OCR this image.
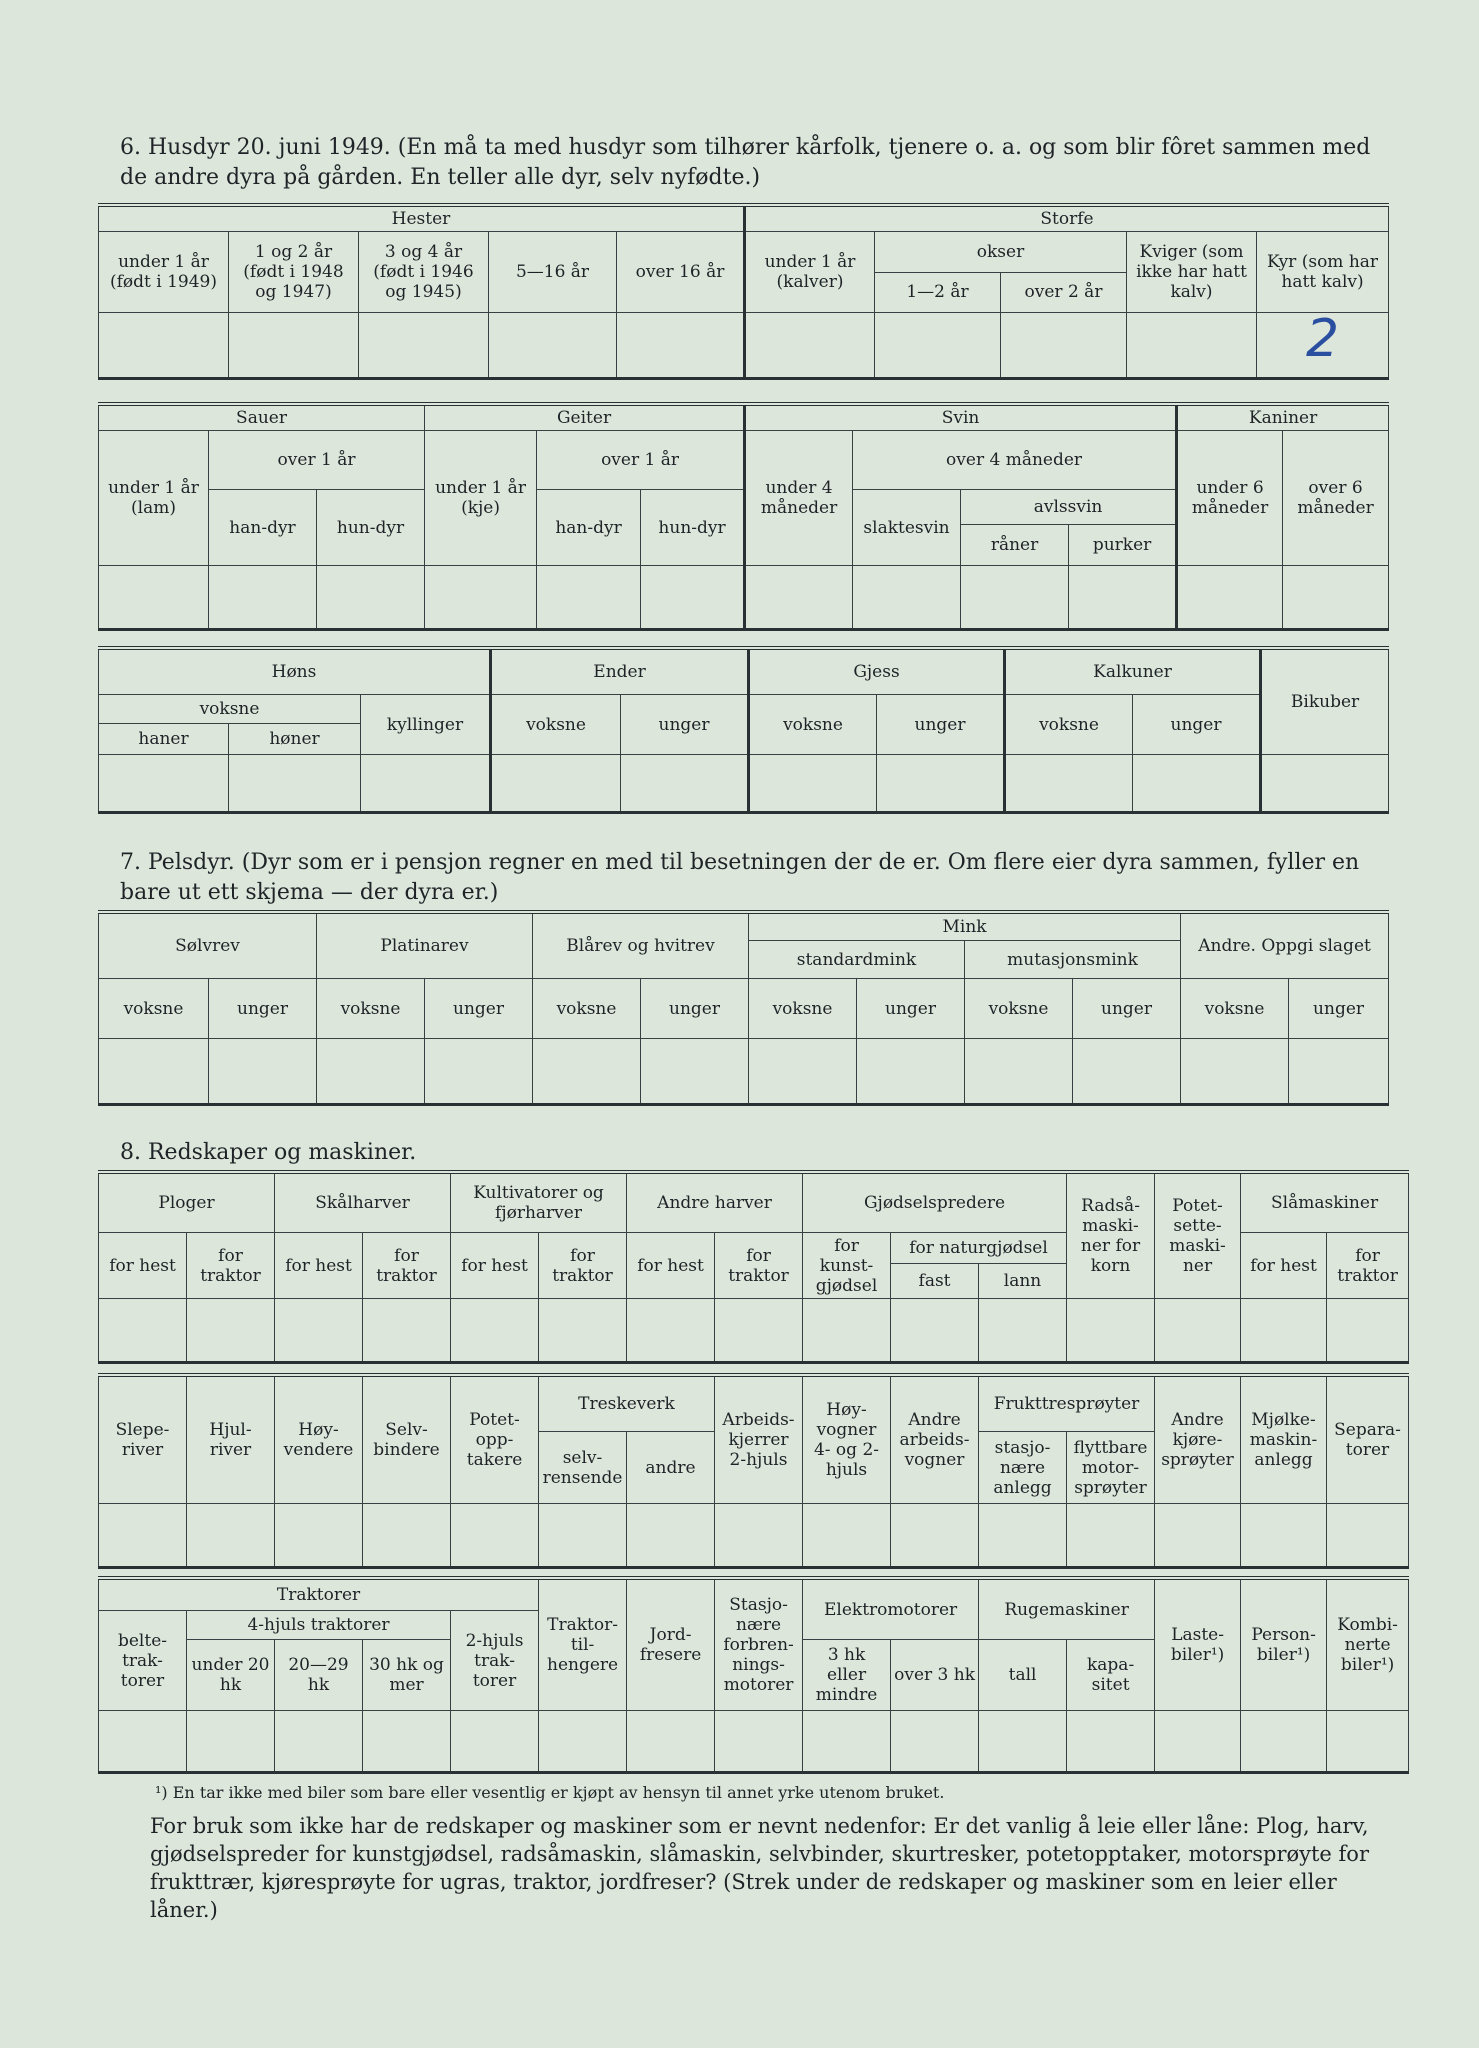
6. Husdyr 20. juni 1949. (En må ta med husdyr som tilhører kårfolk, tjenere o. a. og som blir fôret sammen med de andre dyra på gården. En teller alle dyr, selv nyfødte.)
Hester					Storfe				
under 1 år (født i 1949)	1 og 2 år (født i 1948 og 1947)	3 og 4 år (født i 1946 og 1945)	5—16 år	over 16 år	under 1 år (kalver)	okser		Kviger (som ikke har hatt kalv)	Kyr (som har hatt kalv)
						1—2 år	over 2 år		
									2
Sauer			Geiter			Svin				Kaniner	
under 1 år (lam)	over 1 år		under 1 år (kje)	over 1 år		under 4 måneder	over 4 måneder			under 6 måneder	over 6 måneder
	han-dyr	hun-dyr		han-dyr	hun-dyr		slaktesvin	avlssvin			
								råner	purker		

Høns			Ender		Gjess		Kalkuner		Bikuber
voksne		kyllinger	voksne	unger	voksne	unger	voksne	unger	
haner	høner								

7. Pelsdyr. (Dyr som er i pensjon regner en med til besetningen der de er. Om flere eier dyra sammen, fyller en bare ut ett skjema — der dyra er.)
Sølvrev		Platinarev		Blårev og hvitrev		Mink				Andre. Oppgi slaget	
						standardmink		mutasjonsmink			
voksne	unger	voksne	unger	voksne	unger	voksne	unger	voksne	unger	voksne	unger

8. Redskaper og maskiner.
Ploger		Skålharver		Kultivatorer og fjørharver		Andre harver		Gjødselspredere			Radså-maski-ner for korn	Potet-sette-maski-ner	Slåmaskiner	
for hest	for traktor	for hest	for traktor	for hest	for traktor	for hest	for traktor	for kunst-gjødsel	for naturgjødsel				for hest	for traktor
									fast	lann				

Slepe-river	Hjul-river	Høy-vendere	Selv-bindere	Potet-opp-takere	Treskeverk		Arbeids-kjerrer 2-hjuls	Høy-vogner 4- og 2-hjuls	Andre arbeids-vogner	Frukttresprøyter		Andre kjøre-sprøyter	Mjølke-maskin-anlegg	Separa-torer
					selv-rensende	andre				stasjo-nære anlegg	flyttbare motor-sprøyter			

Traktorer					Traktor-til-hengere	Jord-fresere	Stasjo-nære forbren-nings-motorer	Elektromotorer		Rugemaskiner		Laste-biler¹)	Person-biler¹)	Kombi-nerte biler¹)
belte-trak-torer	4-hjuls traktorer			2-hjuls trak-torer										
	under 20 hk	20—29 hk	30 hk og mer					3 hk eller mindre	over 3 hk	tall	kapa-sitet			

¹) En tar ikke med biler som bare eller vesentlig er kjøpt av hensyn til annet yrke utenom bruket.
For bruk som ikke har de redskaper og maskiner som er nevnt nedenfor: Er det vanlig å leie eller låne: Plog, harv, gjødselspreder for kunstgjødsel, radsåmaskin, slåmaskin, selvbinder, skurtresker, potetopptaker, motorsprøyte for frukttrær, kjøresprøyte for ugras, traktor, jordfreser? (Strek under de redskaper og maskiner som en leier eller låner.)
